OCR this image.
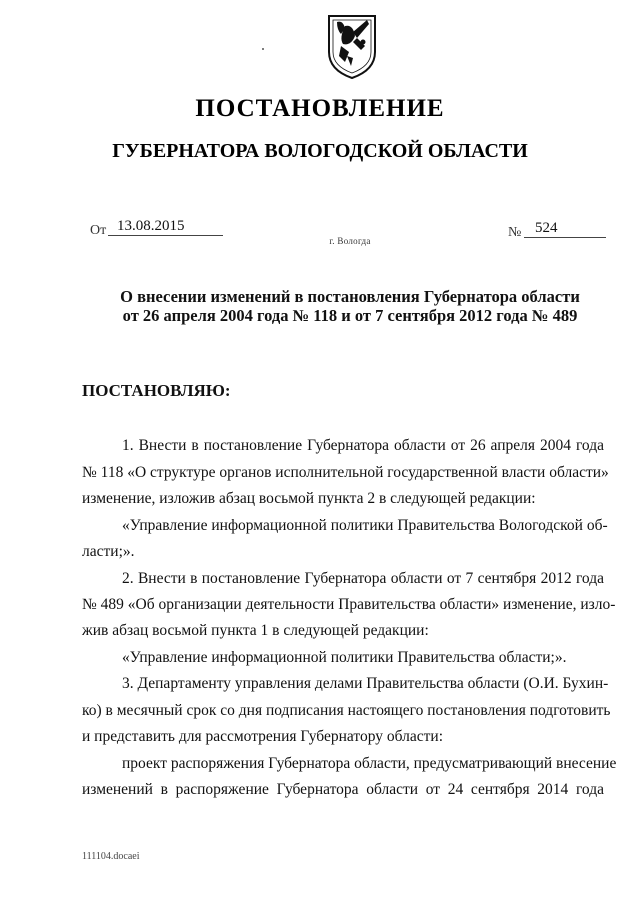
ПОСТАНОВЛЕНИЕ
ГУБЕРНАТОРА ВОЛОГОДСКОЙ ОБЛАСТИ
От 13.08.2015	№ 524
г. Вологда
О внесении изменений в постановления Губернатора области
от 26 апреля 2004 года № 118 и от 7 сентября 2012 года № 489
ПОСТАНОВЛЯЮ:
1. Внести в постановление Губернатора области от 26 апреля 2004 года
№ 118 «О структуре органов исполнительной государственной власти области»
изменение, изложив абзац восьмой пункта 2 в следующей редакции:
«Управление информационной политики Правительства Вологодской об-
ласти;».
2. Внести в постановление Губернатора области от 7 сентября 2012 года
№ 489 «Об организации деятельности Правительства области» изменение, изло-
жив абзац восьмой пункта 1 в следующей редакции:
«Управление информационной политики Правительства области;».
3. Департаменту управления делами Правительства области (О.И. Бухин-
ко) в месячный срок со дня подписания настоящего постановления подготовить
и представить для рассмотрения Губернатору области:
проект распоряжения Губернатора области, предусматривающий внесение
изменений в распоряжение Губернатора области от 24 сентября 2014 года
111104.docaei
